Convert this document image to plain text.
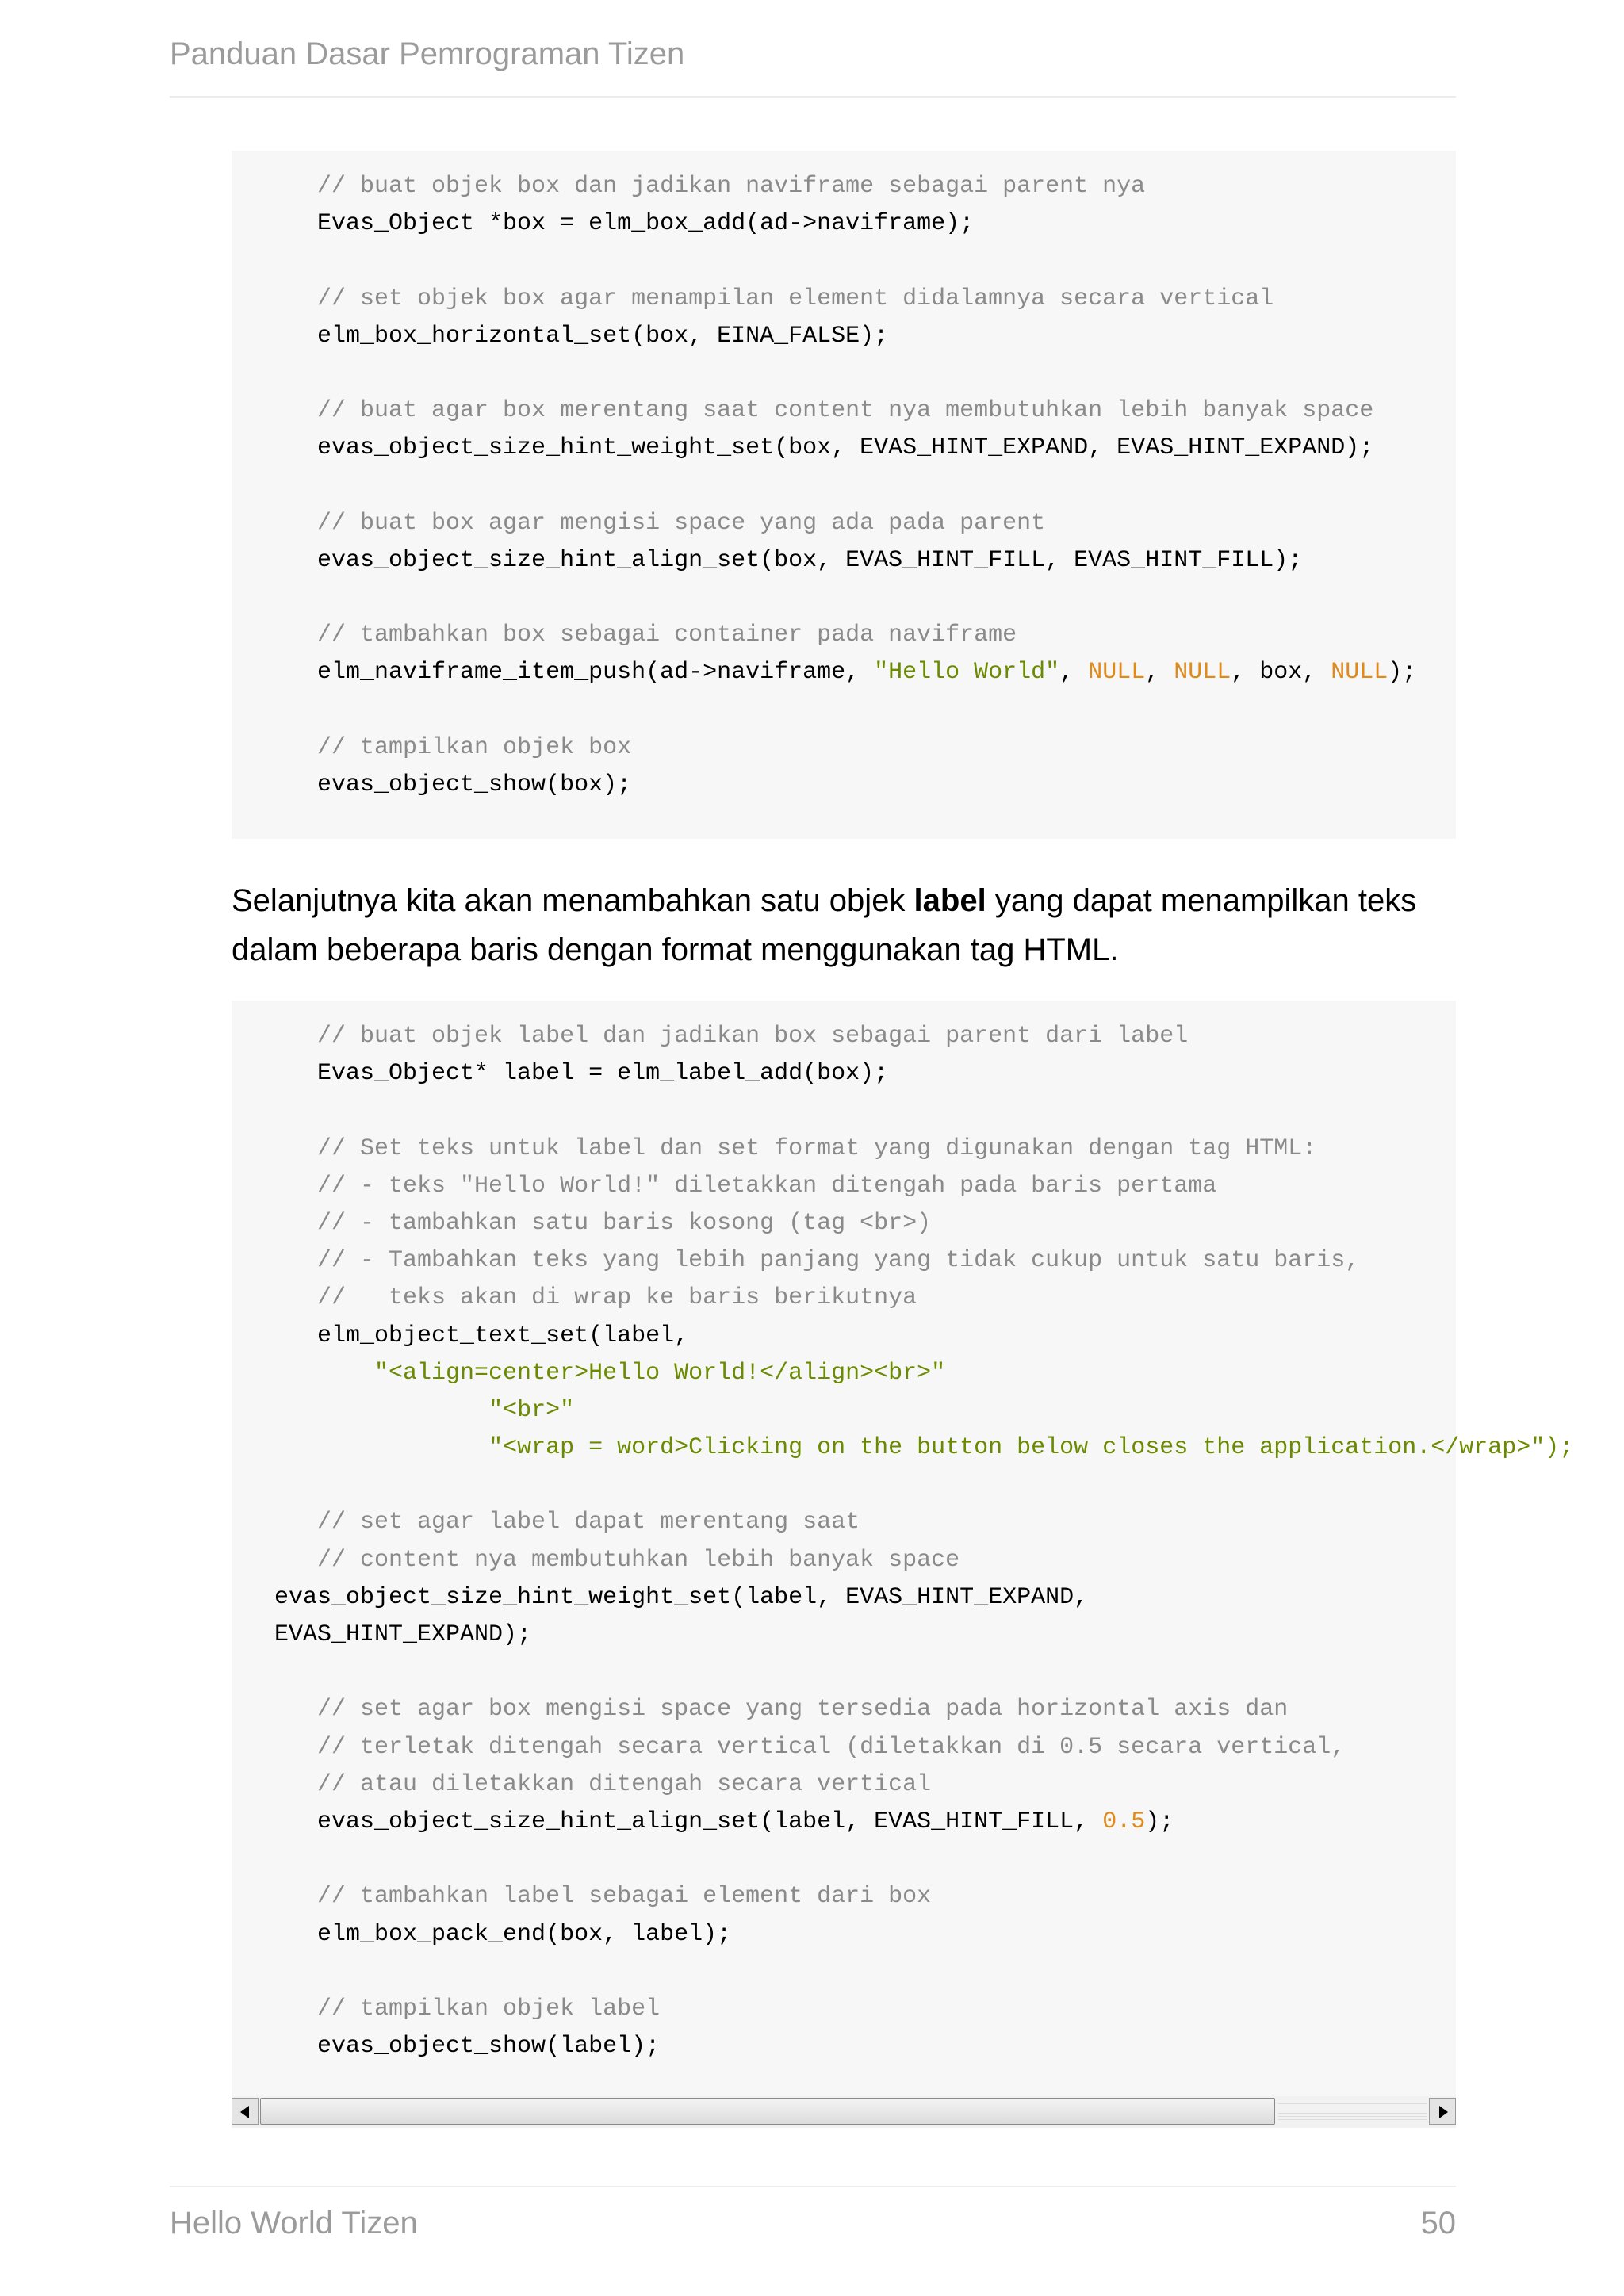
Panduan Dasar Pemrograman Tizen
// buat objek box dan jadikan naviframe sebagai parent nya
Evas_Object *box = elm_box_add(ad->naviframe);

// set objek box agar menampilan element didalamnya secara vertical
elm_box_horizontal_set(box, EINA_FALSE);

// buat agar box merentang saat content nya membutuhkan lebih banyak space
evas_object_size_hint_weight_set(box, EVAS_HINT_EXPAND, EVAS_HINT_EXPAND);

// buat box agar mengisi space yang ada pada parent
evas_object_size_hint_align_set(box, EVAS_HINT_FILL, EVAS_HINT_FILL);

// tambahkan box sebagai container pada naviframe
elm_naviframe_item_push(ad->naviframe, "Hello World", NULL, NULL, box, NULL);

// tampilkan objek box
evas_object_show(box);
Selanjutnya kita akan menambahkan satu objek label yang dapat menampilkan teks dalam beberapa baris dengan format menggunakan tag HTML.
// buat objek label dan jadikan box sebagai parent dari label
Evas_Object* label = elm_label_add(box);

// Set teks untuk label dan set format yang digunakan dengan tag HTML:
// - teks "Hello World!" diletakkan ditengah pada baris pertama
// - tambahkan satu baris kosong (tag <br>)
// - Tambahkan teks yang lebih panjang yang tidak cukup untuk satu baris,
//   teks akan di wrap ke baris berikutnya
elm_object_text_set(label,
"<align=center>Hello World!</align><br>"
"<br>"
"<wrap = word>Clicking on the button below closes the application.</wrap>");

// set agar label dapat merentang saat
// content nya membutuhkan lebih banyak space
evas_object_size_hint_weight_set(label, EVAS_HINT_EXPAND,
EVAS_HINT_EXPAND);

// set agar box mengisi space yang tersedia pada horizontal axis dan
// terletak ditengah secara vertical (diletakkan di 0.5 secara vertical,
// atau diletakkan ditengah secara vertical
evas_object_size_hint_align_set(label, EVAS_HINT_FILL, 0.5);

// tambahkan label sebagai element dari box
elm_box_pack_end(box, label);

// tampilkan objek label
evas_object_show(label);
Hello World Tizen	50
